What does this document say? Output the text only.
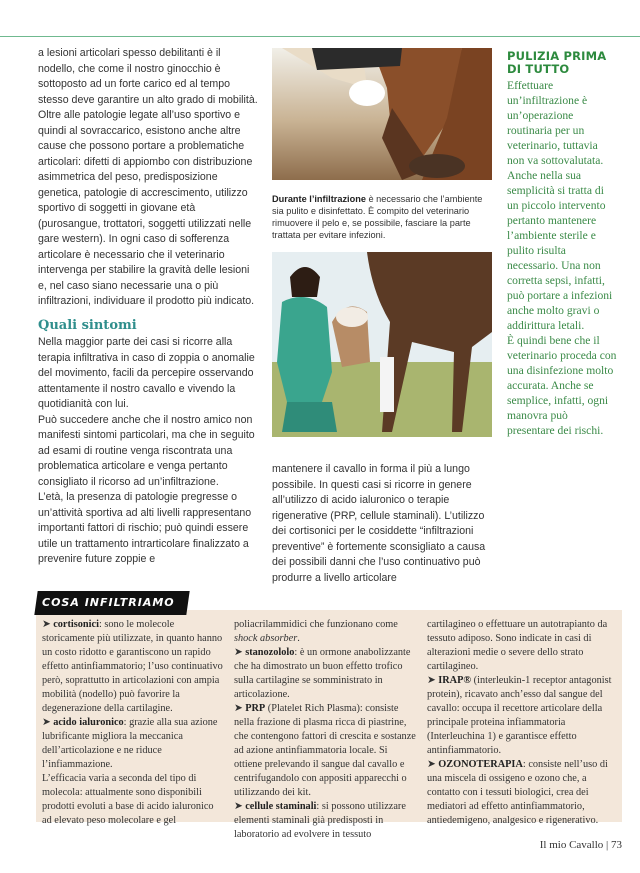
a lesioni articolari spesso debilitanti è il nodello, che come il nostro ginocchio è sottoposto ad un forte carico ed al tempo stesso deve garantire un alto grado di mobilità.

Oltre alle patologie legate all’uso sportivo e quindi al sovraccarico, esistono anche altre cause che possono portare a problematiche articolari: difetti di appiombo con distribuzione asimmetrica del peso, predisposizione genetica, patologie di accrescimento, utilizzo sportivo di soggetti in giovane età (purosangue, trottatori, soggetti utilizzati nelle gare western). In ogni caso di sofferenza articolare è necessario che il veterinario intervenga per stabilire la gravità delle lesioni e, nel caso siano necessarie una o più infiltrazioni, individuare il prodotto più indicato.

Quali sintomi

Nella maggior parte dei casi si ricorre alla terapia infiltrativa in caso di zoppia o anomalie del movimento, facili da percepire osservando attentamente il nostro cavallo e vivendo la quotidianità con lui.

Può succedere anche che il nostro amico non manifesti sintomi particolari, ma che in seguito ad esami di routine venga riscontrata una problematica articolare e venga pertanto consigliato il ricorso ad un’infiltrazione.

L’età, la presenza di patologie pregresse o un’attività sportiva ad alti livelli rappresentano importanti fattori di rischio; può quindi essere utile un trattamento intrarticolare finalizzato a prevenire future zoppie e

Durante l’infiltrazione è necessario che l’ambiente sia pulito e disinfettato. È compito del veterinario rimuovere il pelo e, se possibile, fasciare la parte trattata per evitare infezioni.

mantenere il cavallo in forma il più a lungo possibile. In questi casi si ricorre in genere all’utilizzo di acido ialuronico o terapie rigenerative (PRP, cellule staminali). L’utilizzo dei cortisonici per le cosiddette “infiltrazioni preventive” è fortemente sconsigliato a causa dei possibili danni che l’uso continuativo può produrre a livello articolare

PULIZIA PRIMA DI TUTTO
Effettuare un’infiltrazione è un’operazione routinaria per un veterinario, tuttavia non va sottovalutata. Anche nella sua semplicità si tratta di un piccolo intervento pertanto mantenere l’ambiente sterile e pulito risulta necessario. Una non corretta sepsi, infatti, può portare a infezioni anche molto gravi o addirittura letali.
È quindi bene che il veterinario proceda con una disinfezione molto accurata. Anche se semplice, infatti, ogni manovra può presentare dei rischi.
COSA INFILTRIAMO

➤ cortisonici: sono le molecole storicamente più utilizzate, in quanto hanno un costo ridotto e garantiscono un rapido effetto antinfiammatorio; l’uso continuativo però, soprattutto in articolazioni con ampia mobilità (nodello) può favorire la degenerazione della cartilagine.

➤ acido ialuronico: grazie alla sua azione lubrificante migliora la meccanica dell’articolazione e ne riduce l’infiammazione.

L’efficacia varia a seconda del tipo di molecola: attualmente sono disponibili prodotti evoluti a base di acido ialuronico ad elevato peso molecolare e gel

poliacrilammidici che funzionano come shock absorber.

➤ stanozololo: è un ormone anabolizzante che ha dimostrato un buon effetto trofico sulla cartilagine se somministrato in articolazione.

➤ PRP (Platelet Rich Plasma): consiste nella frazione di plasma ricca di piastrine, che contengono fattori di crescita e sostanze ad azione antinfiammatoria locale. Si ottiene prelevando il sangue dal cavallo e centrifugandolo con appositi apparecchi o utilizzando dei kit.

➤ cellule staminali: si possono utilizzare elementi staminali già predisposti in laboratorio ad evolvere in tessuto

cartilagineo o effettuare un autotrapianto da tessuto adiposo. Sono indicate in casi di alterazioni medie o severe dello strato cartilagineo.

➤ IRAP® (interleukin-1 receptor antagonist protein), ricavato anch’esso dal sangue del cavallo: occupa il recettore articolare della principale proteina infiammatoria (Interleuchina 1) e garantisce effetto antinfiammatorio.

➤ OZONOTERAPIA: consiste nell’uso di una miscela di ossigeno e ozono che, a contatto con i tessuti biologici, crea dei mediatori ad effetto antinfiammatorio, antiedemigeno, analgesico e rigenerativo.

Il mio Cavallo | 73
